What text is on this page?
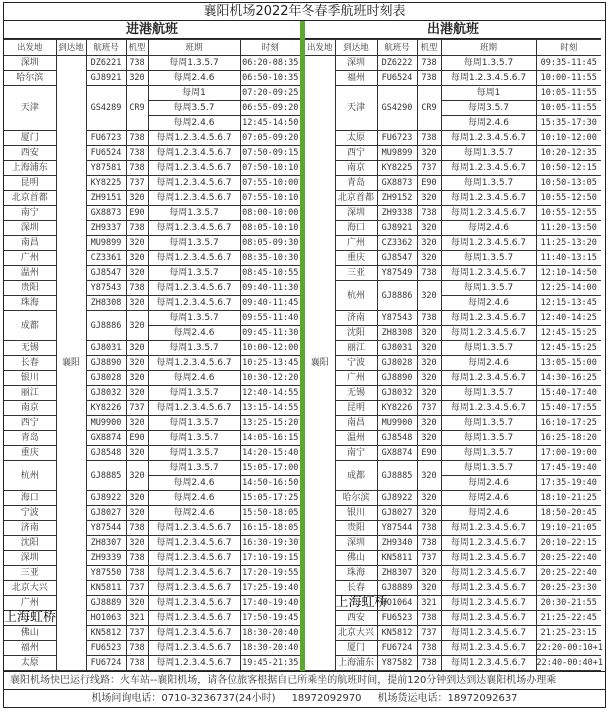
襄阳机场2022年冬春季航班时刻表
进港航班
出发地	到达地	航班号	机型	班期	时刻
深圳	襄阳	DZ6221	738	每周1.3.5.7	06:20-08:35
哈尔滨		GJ8921	320	每周2.4.6	06:50-10:35
天津		GS4289	CR9	每周1	07:20-09:25
				每周3.5.7	06:55-09:20
				每周2.4.6	12:45-14:50
厦门		FU6723	738	每周1.2.3.4.5.6.7	07:05-09:20
西安		FU6524	738	每周1.2.3.4.5.6.7	07:50-09:15
上海浦东		Y87581	738	每周1.2.3.4.5.6.7	07:50-10:10
昆明		KY8225	737	每周1.2.3.4.5.6.7	07:55-10:00
北京首都		ZH9151	320	每周1.2.3.4.5.6.7	07:55-10:10
南宁		GX8873	E90	每周1.3.5.7	08:00-10:00
深圳		ZH9337	738	每周1.2.3.4.5.6.7	08:05-10:10
南昌		MU9899	320	每周1.3.5.7	08:05-09:30
广州		CZ3361	320	每周1.2.3.4.5.6.7	08:35-10:30
温州		GJ8547	320	每周1.3.5.7	08:45-10:55
贵阳		Y87543	738	每周1.2.3.4.5.6.7	09:40-11:30
珠海		ZH8308	320	每周1.2.3.4.5.6.7	09:40-11:45
成都		GJ8886	320	每周1.3.5.7	09:55-11:40
				每周2.4.6	09:45-11:30
无锡		GJ8031	320	每周1.3.5.7	10:00-12:00
长春		GJ8890	320	每周1.2.3.4.5.6.7	10:25-13:45
银川		GJ8028	320	每周2.4.6	10:30-12:20
丽江		GJ8032	320	每周1.3.5.7	12:40-14:55
南京		KY8226	737	每周1.2.3.4.5.6.7	13:15-14:55
西宁		MU9900	320	每周1.3.5.7	13:25-15:20
青岛		GX8874	E90	每周1.3.5.7	14:05-16:15
重庆		GJ8548	320	每周1.3.5.7	14:20-15:40
杭州		GJ8885	320	每周1.3.5.7	15:05-17:00
				每周2.4.6	14:50-16:50
海口		GJ8922	320	每周2.4.6	15:05-17:25
宁波		GJ8027	320	每周2.4.6	15:50-18:05
济南		Y87544	738	每周1.2.3.4.5.6.7	16:15-18:05
沈阳		ZH8307	320	每周1.2.3.4.5.6.7	16:30-19:30
深圳		ZH9339	738	每周1.2.3.4.5.6.7	17:10-19:15
三亚		Y87550	738	每周1.2.3.4.5.6.7	17:20-19:55
北京大兴		KN5811	737	每周1.2.3.4.5.6.7	17:25-19:40
广州		GJ8889	320	每周1.2.3.4.5.6.7	17:40-19:40
上海虹桥		HO1063	321	每周1.2.3.4.5.6.7	17:50-19:45
佛山		KN5812	737	每周1.2.3.4.5.6.7	18:30-20:40
福州		FU6523	738	每周1.2.3.4.5.6.7	18:30-20:40
太原		FU6724	738	每周1.2.3.4.5.6.7	19:45-21:35
出港航班
出发地	到达地	航班号	机型	班期	时刻
襄阳	深圳	DZ6222	738	每周1.3.5.7	09:35-11:45
	福州	FU6524	738	每周1.2.3.4.5.6.7	10:00-11:55
	天津	GS4290	CR9	每周1	10:05-11:55
				每周3.5.7	10:05-11:55
				每周2.4.6	15:35-17:30
	太原	FU6723	738	每周1.2.3.4.5.6.7	10:10-12:00
	西宁	MU9899	320	每周1.3.5.7	10:20-12:35
	南京	KY8225	737	每周1.2.3.4.5.6.7	10:50-12:15
	青岛	GX8873	E90	每周1.3.5.7	10:50-13:05
	北京首都	ZH9152	320	每周1.2.3.4.5.6.7	10:55-12:50
	深圳	ZH9338	738	每周1.2.3.4.5.6.7	10:55-12:55
	海口	GJ8921	320	每周2.4.6	11:20-13:50
	广州	CZ3362	320	每周1.2.3.4.5.6.7	11:25-13:20
	重庆	GJ8547	320	每周1.3.5.7	11:40-13:15
	三亚	Y87549	738	每周1.2.3.4.5.6.7	12:10-14:50
	杭州	GJ8886	320	每周1.3.5.7	12:25-14:00
				每周2.4.6	12:15-13:45
	济南	Y87543	738	每周1.2.3.4.5.6.7	12:40-14:25
	沈阳	ZH8308	320	每周1.2.3.4.5.6.7	12:45-15:25
	丽江	GJ8031	320	每周1.3.5.7	12:45-15:25
	宁波	GJ8028	320	每周2.4.6	13:05-15:00
	广州	GJ8890	320	每周1.2.3.4.5.6.7	14:30-16:25
	无锡	GJ8032	320	每周1.3.5.7	15:40-17:40
	昆明	KY8226	737	每周1.2.3.4.5.6.7	15:40-17:55
	南昌	MU9900	320	每周1.3.5.7	16:10-17:25
	温州	GJ8548	320	每周1.3.5.7	16:25-18:20
	南宁	GX8874	E90	每周1.3.5.7	17:00-19:00
	成都	GJ8885	320	每周1.3.5.7	17:45-19:40
				每周2.4.6	17:35-19:40
	哈尔滨	GJ8922	320	每周2.4.6	18:10-21:25
	银川	GJ8027	320	每周2.4.6	18:50-20:45
	贵阳	Y87544	738	每周1.2.3.4.5.6.7	19:10-21:05
	深圳	ZH9340	738	每周1.2.3.4.5.6.7	20:10-22:15
	佛山	KN5811	737	每周1.2.3.4.5.6.7	20:25-22:40
	珠海	ZH8307	320	每周1.2.3.4.5.6.7	20:25-22:40
	长春	GJ8889	320	每周1.2.3.4.5.6.7	20:25-23:30
	上海虹桥	HO1064	321	每周1.2.3.4.5.6.7	20:30-21:55
	西安	FU6523	738	每周1.2.3.4.5.6.7	21:25-22:45
	北京大兴	KN5812	737	每周1.2.3.4.5.6.7	21:25-23:15
	厦门	FU6724	738	每周1.2.3.4.5.6.7	22:20-00:10+1
	上海浦东	Y87582	738	每周1.2.3.4.5.6.7	22:40-00:40+1
襄阳机场快巴运行线路：火车站--襄阳机场，请各位旅客根据自已所乘坐的航班时间，提前120分钟到达到达襄阳机场办理乘
机场问询电话：0710-3236737(24小时) 18972092970 机场货运电话：18972092637
